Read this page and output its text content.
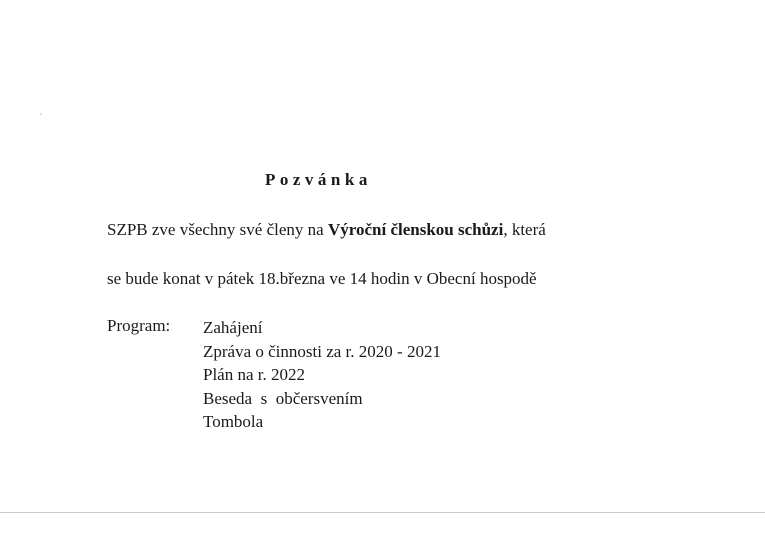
Pozvánka
SZPB zve všechny své členy na Výroční členskou schůzi, která
se bude konat v pátek 18.března ve 14 hodin v Obecní hospodě
Program: Zahájení
Zpráva o činnosti za r. 2020 - 2021
Plán na r. 2022
Beseda  s  občersvením
Tombola
